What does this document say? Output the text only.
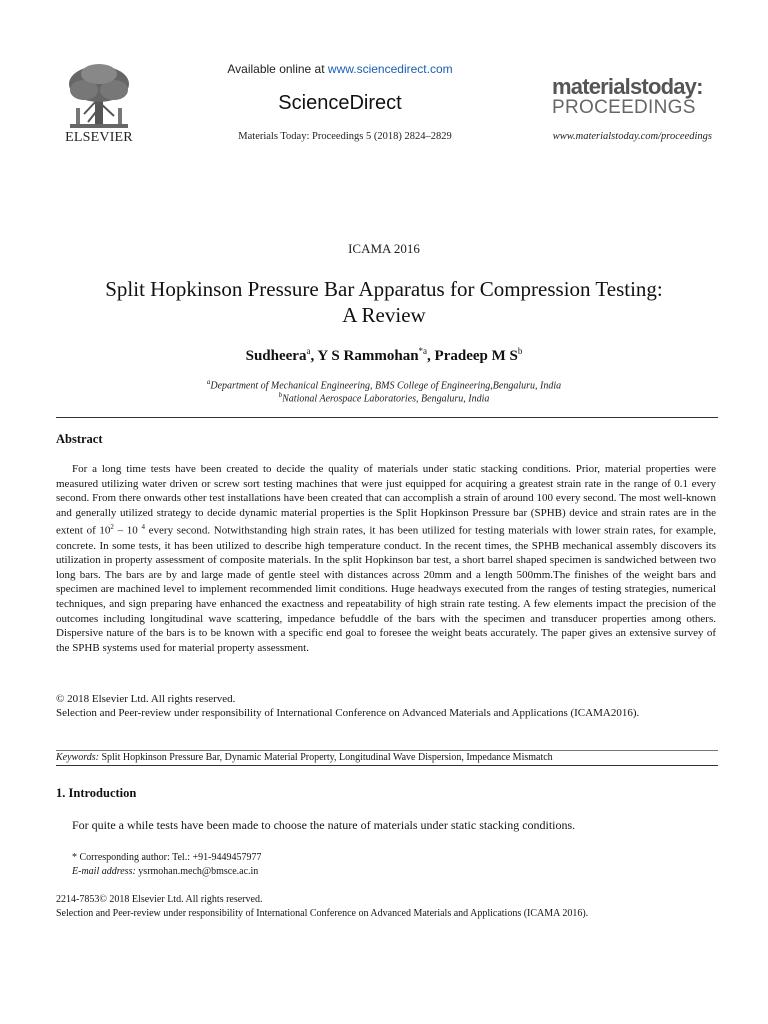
ELSEVIER
Available online at www.sciencedirect.com
ScienceDirect
Materials Today: Proceedings 5 (2018) 2824–2829
materialstoday:
PROCEEDINGS
www.materialstoday.com/proceedings
ICAMA 2016
Split Hopkinson Pressure Bar Apparatus for Compression Testing:
A Review
Sudheera$^a$, Y S Rammohan$^{*a}$, Pradeep M $S^b$
$^a$Department of Mechanical Engineering, BMS College of Engineering,Bengaluru, India
$^b$National Aerospace Laboratories, Bengaluru, India
Abstract
For a long time tests have been created to decide the quality of materials under static stacking conditions. Prior, material properties were measured utilizing water driven or screw sort testing machines that were just equipped for acquiring a greatest strain rate in the range of 0.1 every second. From there onwards other test installations have been created that can accomplish a strain of around 100 every second. The most well-known and generally utilized strategy to decide dynamic material properties is the Split Hopkinson Pressure bar (SPHB) device and strain rates are in the extent of $10^2 - 10$ $^4$ every second. Notwithstanding high strain rates, it has been utilized for testing materials with lower strain rates, for example, concrete. In some tests, it has been utilized to describe high temperature conduct. In the recent times, the SPHB mechanical assembly discovers its utilization in property assessment of composite materials. In the split Hopkinson bar test, a short barrel shaped specimen is sandwiched between two long bars. The bars are by and large made of gentle steel with distances across 20mm and a length 500mm.The finishes of the weight bars and specimen are machined level to implement recommended limit conditions. Huge headways executed from the ranges of testing strategies, numerical techniques, and sign preparing have enhanced the exactness and repeatability of high strain rate testing. A few elements impact the precision of the outcomes including longitudinal wave scattering, impedance befuddle of the bars with the specimen and transducer properties among others. Dispersive nature of the bars is to be known with a specific end goal to foresee the weight beats accurately. The paper gives an extensive survey of the SPHB systems used for material property assessment.
© 2018 Elsevier Ltd. All rights reserved.
Selection and Peer-review under responsibility of International Conference on Advanced Materials and Applications (ICAMA2016).
Keywords: Split Hopkinson Pressure Bar, Dynamic Material Property, Longitudinal Wave Dispersion, Impedance Mismatch
1. Introduction
For quite a while tests have been made to choose the nature of materials under static stacking conditions.
* Corresponding author: Tel.: +91-9449457977
E-mail address: ysrmohan.mech@bmsce.ac.in
2214-7853© 2018 Elsevier Ltd. All rights reserved.
Selection and Peer-review under responsibility of International Conference on Advanced Materials and Applications (ICAMA 2016).
